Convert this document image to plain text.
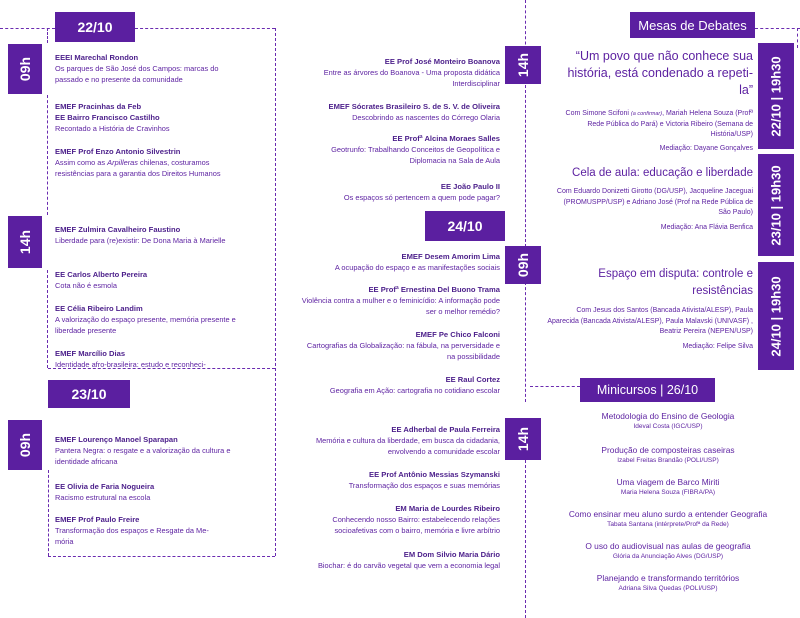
22/10
23/10
24/10
Mesas de Debates
Minicursos | 26/10
09h
14h
09h
14h
09h
14h
22/10 | 19h30
23/10 | 19h30
24/10 | 19h30
EEEI Marechal Rondon
Os parques de São José dos Campos: marcas do passado e no presente da comunidade
EMEF Pracinhas da Feb
EE Bairro Francisco Castilho
Recontado a História de Cravinhos
EMEF Prof Enzo Antonio Silvestrin
Assim como as Arpilleras chilenas, costuramos resistências para a garantia dos Direitos Humanos
EMEF Zulmira Cavalheiro Faustino
Liberdade para (re)existir: De Dona Maria à Marielle
EE Carlos Alberto Pereira
Cota não é esmola
EE Célia Ribeiro Landim
A valorização do espaço presente, memória presente e liberdade presente
EMEF Marcílio Dias
Identidade afro-brasileira: estudo e reconheci-
EMEF Lourenço Manoel Sparapan
Pantera Negra: o resgate e a valorização da cultura e identidade africana
EE Olivia de Faria Nogueira
Racismo estrutural na escola
EMEF Prof Paulo Freire
Transformação dos espaços e Resgate da Me-mória
EE Prof José Monteiro Boanova
Entre as árvores do Boanova - Uma proposta didática Interdisciplinar
EMEF Sócrates Brasileiro S. de S. V. de Oliveira
Descobrindo as nascentes do Córrego Olaria
EE Profª Alcina Moraes Salles
Geotrunfo: Trabalhando Conceitos de Geopolítica e Diplomacia na Sala de Aula
EE João Paulo II
Os espaços só pertencem a quem pode pagar?
EMEF Desem Amorim Lima
A ocupação do espaço e as manifestações sociais
EE Profª Ernestina Del Buono Trama
Violência contra a mulher e o feminicídio: A informação pode ser o melhor remédio?
EMEF Pe Chico Falconi
Cartografias da Globalização: na fábula, na perversidade e na possibilidade
EE Raul Cortez
Geografia em Ação: cartografia no cotidiano escolar
EE Adherbal de Paula Ferreira
Memória e cultura da liberdade, em busca da cidadania, envolvendo a comunidade escolar
EE Prof Antônio Messias Szymanski
Transformação dos espaços e suas memórias
EM Maria de Lourdes Ribeiro
Conhecendo nosso Bairro: estabelecendo relações socioafetivas com o bairro, memória e livre arbítrio
EM Dom Silvio Maria Dário
Biochar: é do carvão vegetal que vem a economia legal
“Um povo que não conhece sua história, está condenado a repeti-la”
Com Simone Scifoni (a confirmar), Mariah Helena Souza (Profª Rede Pública do Pará) e Victoria Ribeiro (Semana de História/USP)
Mediação: Dayane Gonçalves
Cela de aula: educação e liberdade
Com Eduardo Donizetti Girotto (DG/USP), Jacqueline Jaceguai (PROMUSPP/USP) e Adriano José (Prof na Rede Pública de São Paulo)
Mediação: Ana Flávia Benfica
Espaço em disputa: controle e resistências
Com Jesus dos Santos (Bancada Ativista/ALESP), Paula Aparecida (Bancada Ativista/ALESP), Paula Malavski (UNIVASF) , Beatriz Pereira (NEPEN/USP)
Mediação: Felipe Silva
Metodologia do Ensino de Geologia
Ideval Costa (IGC/USP)
Produção de composteiras caseiras
Izabel Freitas Brandão (POLI/USP)
Uma viagem de Barco Miriti
Maria Helena Souza (FIBRA/PA)
Como ensinar meu aluno surdo a entender Geografia
Tabata Santana (intérprete/Profª da Rede)
O uso do audiovisual nas aulas de geografia
Glória da Anunciação Alves (DG/USP)
Planejando e transformando territórios
Adriana Silva Quedas (POLI/USP)
